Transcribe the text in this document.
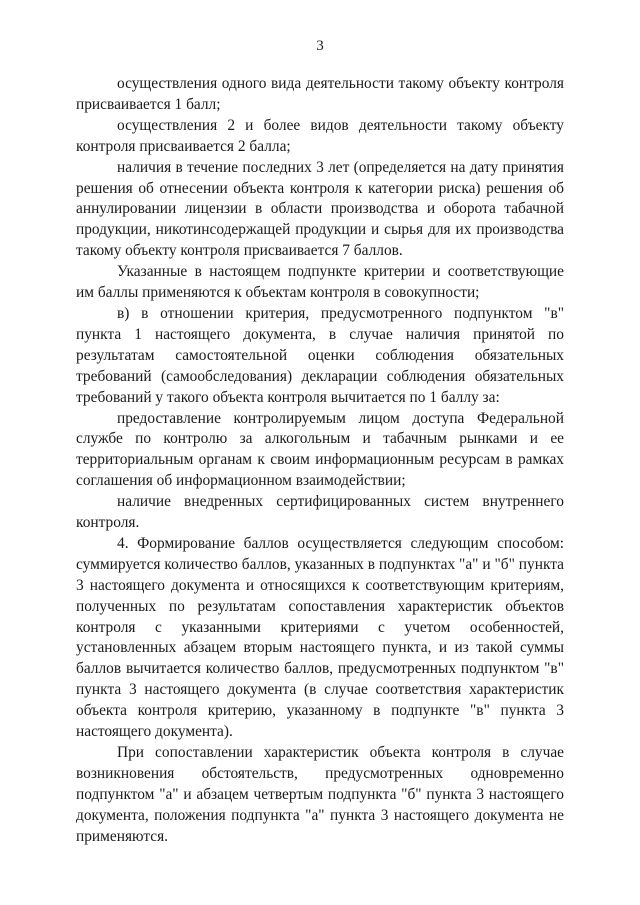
3

осуществления одного вида деятельности такому объекту контроля присваивается 1 балл;

осуществления 2 и более видов деятельности такому объекту контроля присваивается 2 балла;

наличия в течение последних 3 лет (определяется на дату принятия решения об отнесении объекта контроля к категории риска) решения об аннулировании лицензии в области производства и оборота табачной продукции, никотинсодержащей продукции и сырья для их производства такому объекту контроля присваивается 7 баллов.

Указанные в настоящем подпункте критерии и соответствующие им баллы применяются к объектам контроля в совокупности;

в) в отношении критерия, предусмотренного подпунктом "в" пункта 1 настоящего документа, в случае наличия принятой по результатам самостоятельной оценки соблюдения обязательных требований (самообследования) декларации соблюдения обязательных требований у такого объекта контроля вычитается по 1 баллу за:

предоставление контролируемым лицом доступа Федеральной службе по контролю за алкогольным и табачным рынками и ее территориальным органам к своим информационным ресурсам в рамках соглашения об информационном взаимодействии;

наличие внедренных сертифицированных систем внутреннего контроля.

4. Формирование баллов осуществляется следующим способом: суммируется количество баллов, указанных в подпунктах "а" и "б" пункта 3 настоящего документа и относящихся к соответствующим критериям, полученных по результатам сопоставления характеристик объектов контроля с указанными критериями с учетом особенностей, установленных абзацем вторым настоящего пункта, и из такой суммы баллов вычитается количество баллов, предусмотренных подпунктом "в" пункта 3 настоящего документа (в случае соответствия характеристик объекта контроля критерию, указанному в подпункте "в" пункта 3 настоящего документа).

При сопоставлении характеристик объекта контроля в случае возникновения обстоятельств, предусмотренных одновременно подпунктом "а" и абзацем четвертым подпункта "б" пункта 3 настоящего документа, положения подпункта "а" пункта 3 настоящего документа не применяются.
